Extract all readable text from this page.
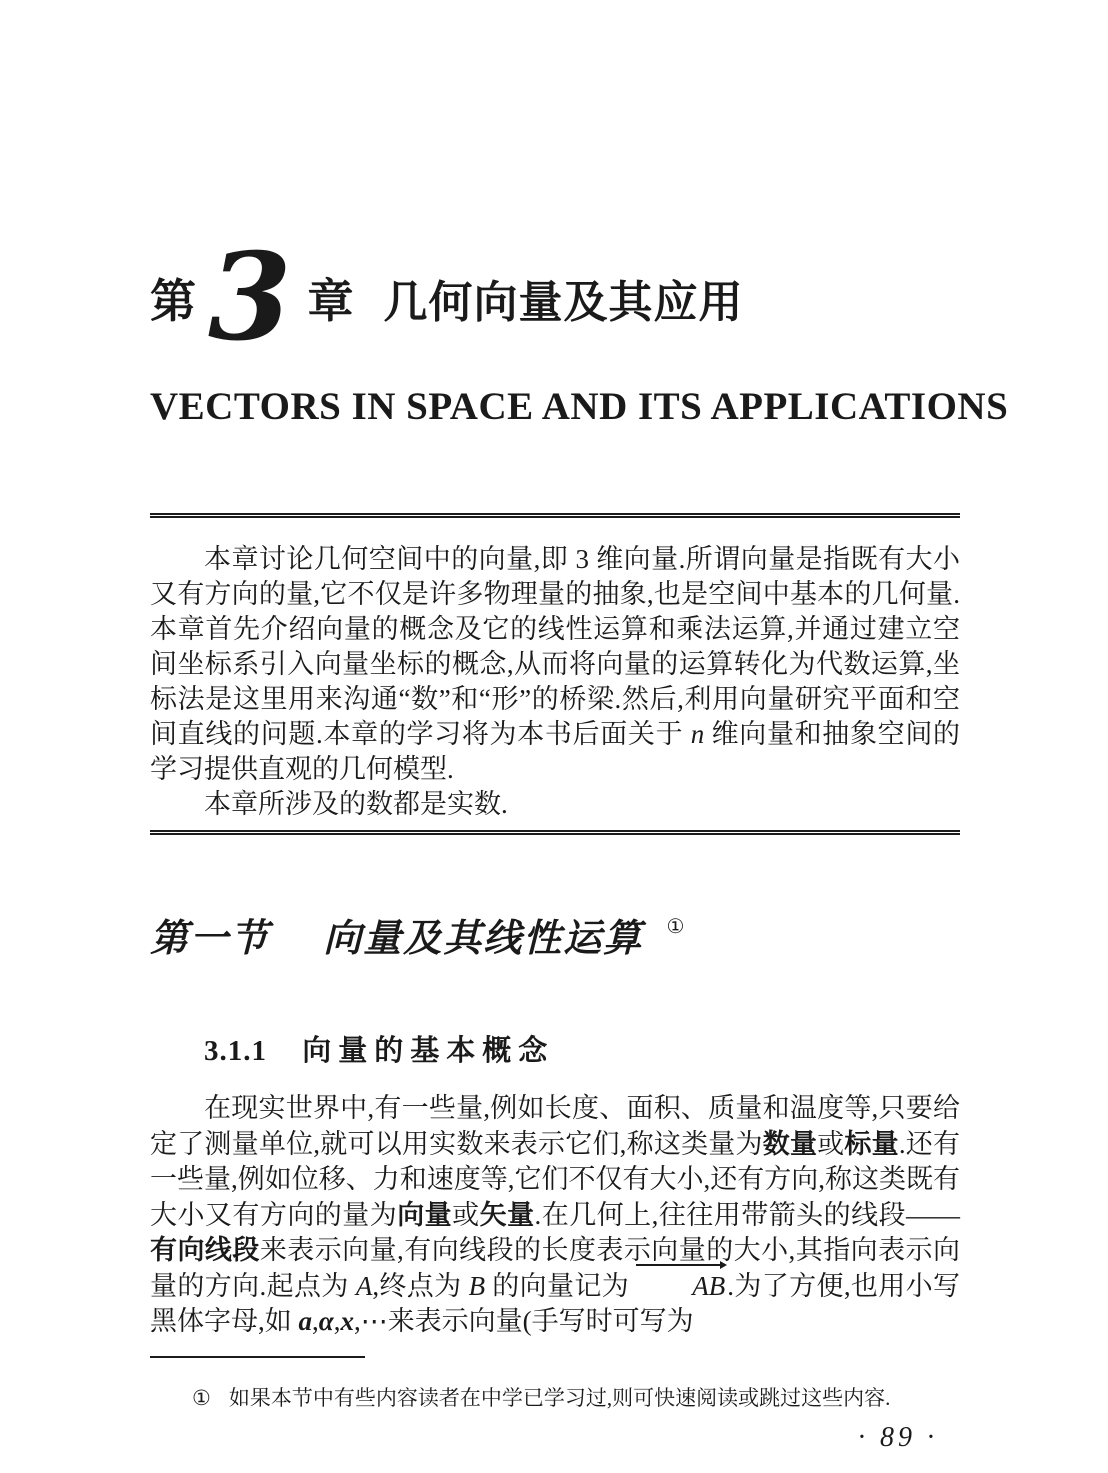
第 3 章 几何向量及其应用
VECTORS IN SPACE AND ITS APPLICATIONS

本章讨论几何空间中的向量,即 3 维向量.所谓向量是指既有大小又有方向的量,它不仅是许多物理量的抽象,也是空间中基本的几何量.本章首先介绍向量的概念及它的线性运算和乘法运算,并通过建立空间坐标系引入向量坐标的概念,从而将向量的运算转化为代数运算,坐标法是这里用来沟通“数”和“形”的桥梁.然后,利用向量研究平面和空间直线的问题.本章的学习将为本书后面关于 n 维向量和抽象空间的学习提供直观的几何模型.

本章所涉及的数都是实数.

第一节 向量及其线性运算 ①
3.1.1 向量的基本概念

在现实世界中,有一些量,例如长度、面积、质量和温度等,只要给定了测量单位,就可以用实数来表示它们,称这类量为数量或标量.还有一些量,例如位移、力和速度等,它们不仅有大小,还有方向,称这类既有大小又有方向的量为向量或矢量.在几何上,往往用带箭头的线段——有向线段来表示向量,有向线段的长度表示向量的大小,其指向表示向量的方向.起点为 A,终点为 B 的向量记为 AB.为了方便,也用小写黑体字母,如 a,α,x,⋯来表示向量(手写时可写为

① 如果本节中有些内容读者在中学已学习过,则可快速阅读或跳过这些内容.
· 89 ·
